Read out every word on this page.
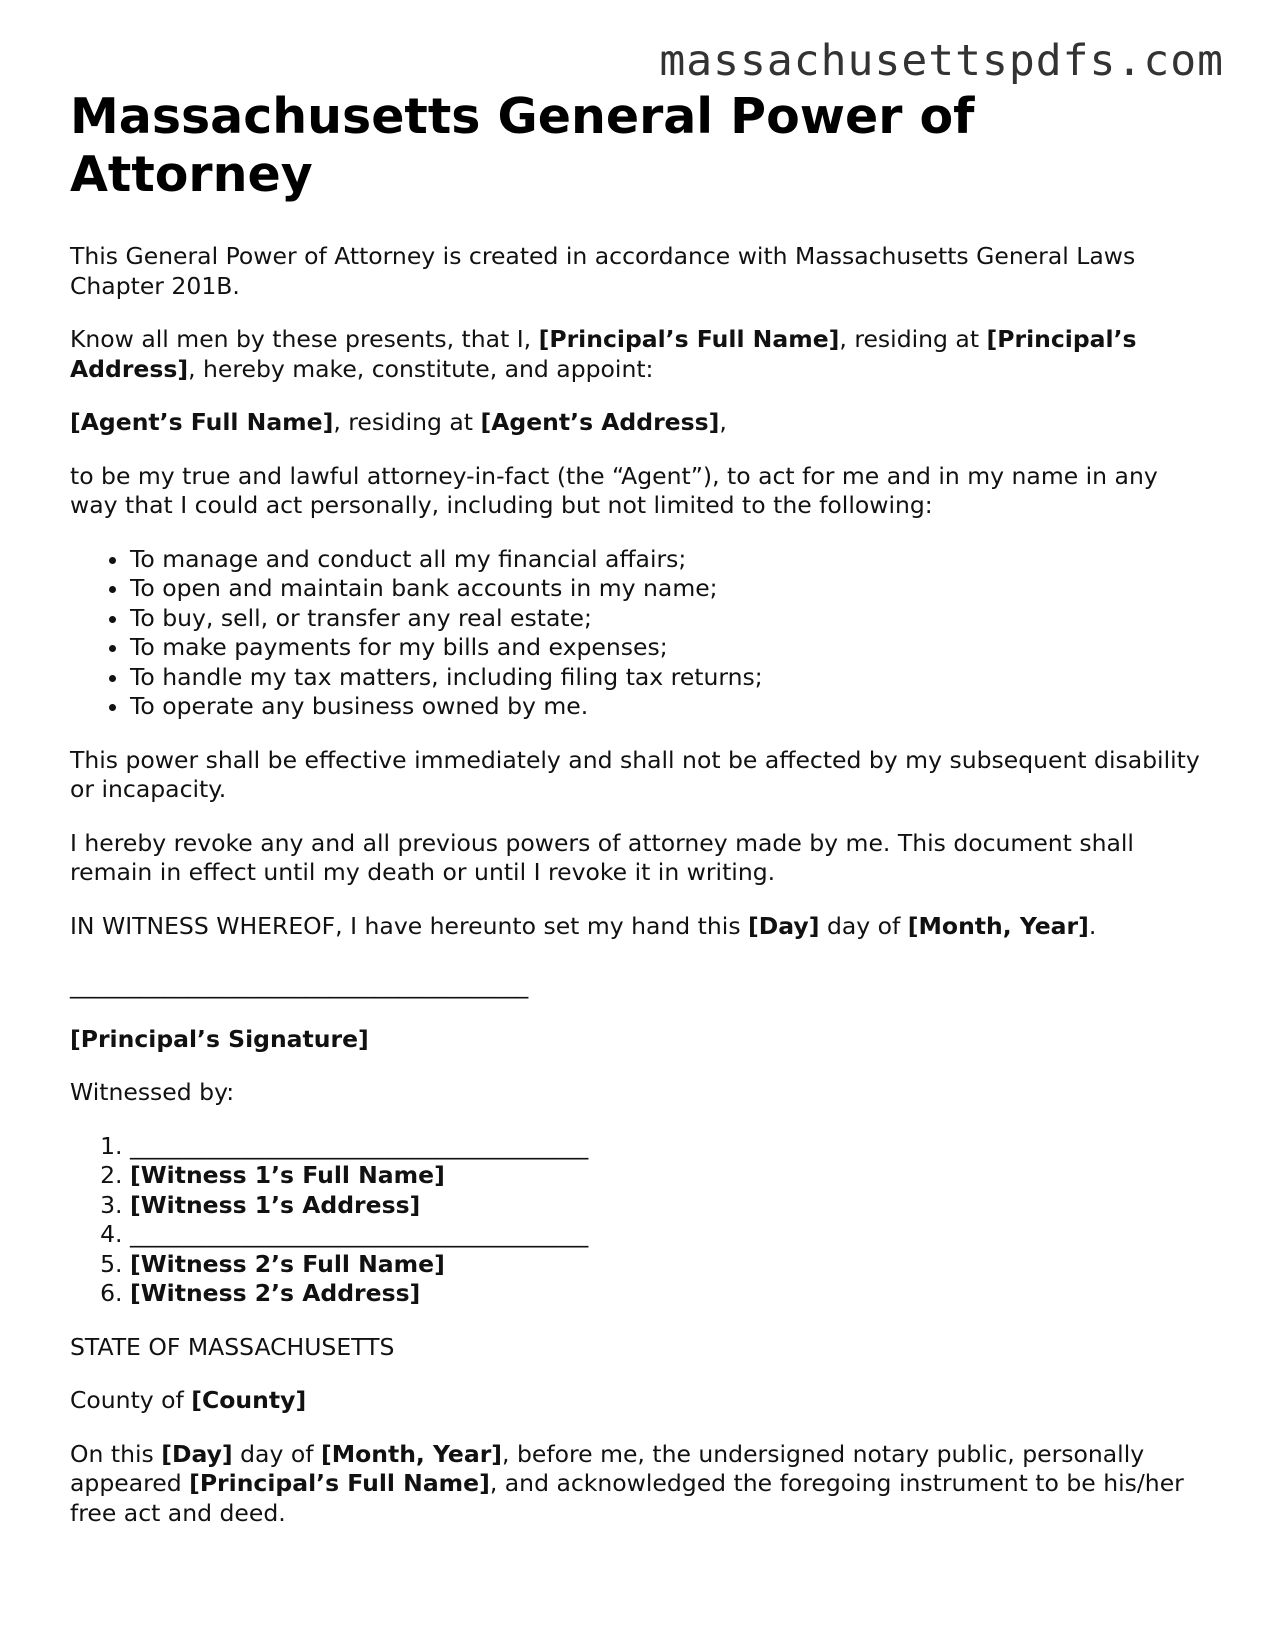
massachusettspdfs.com
Massachusetts General Power of Attorney

This General Power of Attorney is created in accordance with Massachusetts General Laws Chapter 201B.

Know all men by these presents, that I, [Principal’s Full Name], residing at [Principal’s Address], hereby make, constitute, and appoint:

[Agent’s Full Name], residing at [Agent’s Address],

to be my true and lawful attorney-in-fact (the “Agent”), to act for me and in my name in any way that I could act personally, including but not limited to the following:

• To manage and conduct all my financial affairs;
• To open and maintain bank accounts in my name;
• To buy, sell, or transfer any real estate;
• To make payments for my bills and expenses;
• To handle my tax matters, including filing tax returns;
• To operate any business owned by me.

This power shall be effective immediately and shall not be affected by my subsequent disability or incapacity.

I hereby revoke any and all previous powers of attorney made by me. This document shall remain in effect until my death or until I revoke it in writing.

IN WITNESS WHEREOF, I have hereunto set my hand this [Day] day of [Month, Year].

_______________________________________

[Principal’s Signature]

Witnessed by:

1. _______________________________________
2. [Witness 1’s Full Name]
3. [Witness 1’s Address]
4. _______________________________________
5. [Witness 2’s Full Name]
6. [Witness 2’s Address]

STATE OF MASSACHUSETTS

County of [County]

On this [Day] day of [Month, Year], before me, the undersigned notary public, personally appeared [Principal’s Full Name], and acknowledged the foregoing instrument to be his/her free act and deed.
